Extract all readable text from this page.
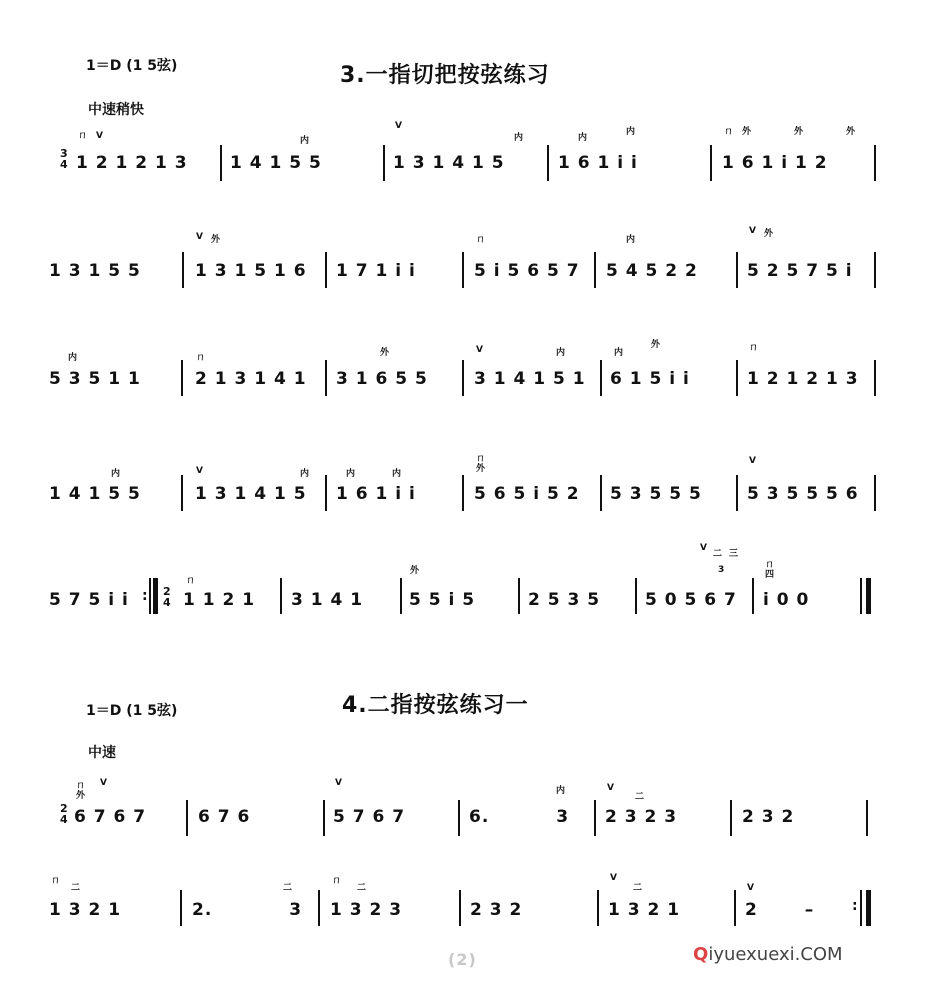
1＝D (1 5弦)	3.一指切把按弦练习
中速稍快
3
4 1 2 1 2 1 3 1 4 1 5 5	1 3 1 4 1 5	1 6 1 i i	1 6 1 i 1 2
ㄇ V	内
V
内	内
内	ㄇ 外	外	外
1 3 1 5 5	1 3 1 5 1 6 1 7 1 i i	5 i 5 6 5 7 5 4 5 2 2	5 2 5 7 5 i
V 外	ㄇ	内
V 外
5 3 5 1 1	2 1 3 1 4 1 3 1 6 5 5	3 1 4 1 5 1 6 1 5 i i	1 2 1 2 1 3
内	ㄇ	外	V	内	内
外	ㄇ
1 4 1 5 5	1 3 1 4 1 5 1 6 1 i i	5 6 5 i 5 2 5 3 5 5 5	5 3 5 5 5 6
内	V	内	内	内
ㄇ
外
V
5 7 5 i i : 2
4 1 1 2 1 3 1 4 1	5 5 i 5	2 5 3 5	5 0 5 6 7 i 0 0
ㄇ
外
V
二 三
3	ㄇ
四
1＝D (1 5弦)	4.二指按弦练习一
中速
2
4 6 7 6 7	6 7 6	5 7 6 7	6. 3 2 3 2 3	2 3 2
ㄇ
外
V	V
内	V
二
1 3 2 1	2. 3 1 3 2 3	2 3 2	1 3 2 1	2 –	:
ㄇ
二	二
ㄇ
二
V
二	V
(2)	Qiyuexuexi.COM
